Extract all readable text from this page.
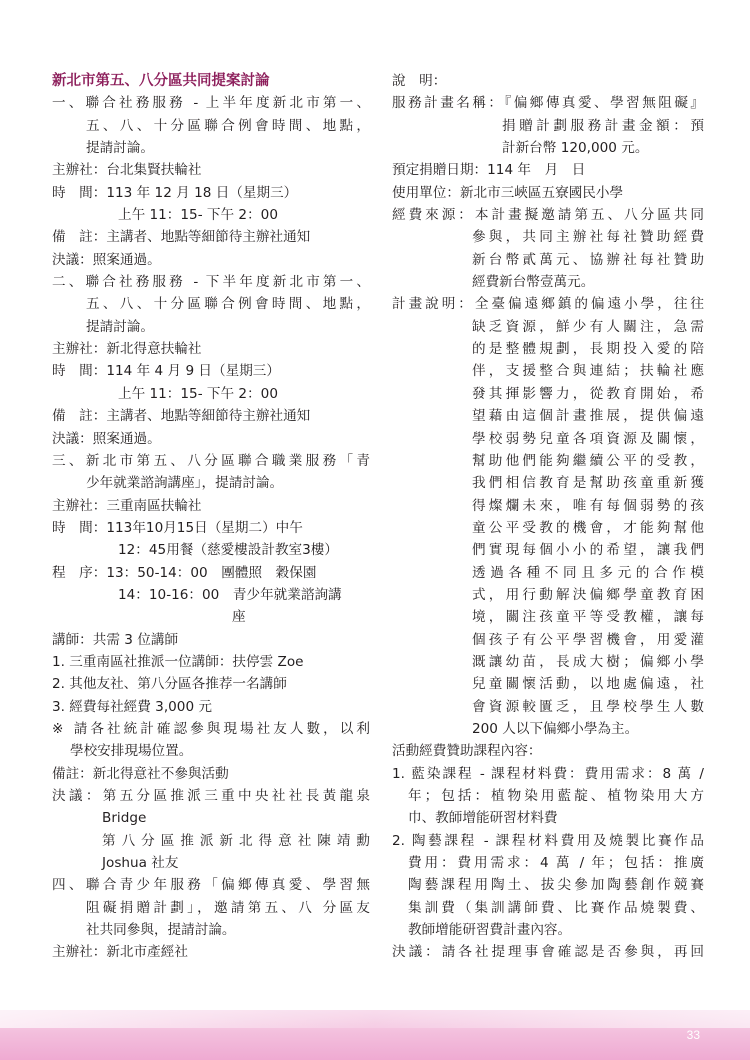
新北市第五、八分區共同提案討論
一、聯合社務服務 - 上半年度新北市第一、
五、八、十分區聯合例會時間、地點，
提請討論。
主辦社：台北集賢扶輪社
時　間：113 年 12 月 18 日（星期三）
上午 11：15- 下午 2：00
備　註：主講者、地點等細節待主辦社通知
決議：照案通過。
二、聯合社務服務 - 下半年度新北市第一、
五、八、十分區聯合例會時間、地點，
提請討論。
主辦社：新北得意扶輪社
時　間：114 年 4 月 9 日（星期三）
上午 11：15- 下午 2：00
備　註：主講者、地點等細節待主辦社通知
決議：照案通過。
三、新北市第五、八分區聯合職業服務「青
少年就業諮詢講座」，提請討論。
主辦社：三重南區扶輪社
時　間：113年10月15日（星期二）中午
12：45用餐（慈愛樓設計教室3樓）
程　序：13：50-14：00　團體照　穀保園
14：10-16：00　青少年就業諮詢講
座
講師：共需 3 位講師
1. 三重南區社推派一位講師：扶停雲 Zoe
2. 其他友社、第八分區各推荐一名講師
3. 經費每社經費 3,000 元
※ 請各社統計確認參與現場社友人數，以利
學校安排現場位置。
備註：新北得意社不參與活動
決議：第五分區推派三重中央社社長黃龍泉
Bridge
第八分區推派新北得意社陳靖勳
Joshua 社友
四、聯合青少年服務「偏鄉傳真愛、學習無
阻礙捐贈計劃」，邀請第五、八 分區友
社共同參與，提請討論。
主辦社：新北市產經社
說　明：
服務計畫名稱：『偏鄉傳真愛、學習無阻礙』
捐贈計劃服務計畫金額：預
計新台幣 120,000 元。
預定捐贈日期：114 年　月　日
使用單位：新北市三峽區五寮國民小學
經費來源：本計畫擬邀請第五、八分區共同
參與，共同主辦社每社贊助經費
新台幣貳萬元、協辦社每社贊助
經費新台幣壹萬元。
計畫說明：全臺偏遠鄉鎮的偏遠小學，往往
缺乏資源，鮮少有人關注，急需
的是整體規劃，長期投入愛的陪
伴，支援整合與連結；扶輪社應
發其揮影響力，從教育開始，希
望藉由這個計畫推展，提供偏遠
學校弱勢兒童各項資源及關懷，
幫助他們能夠繼續公平的受教，
我們相信教育是幫助孩童重新獲
得燦爛未來，唯有每個弱勢的孩
童公平受教的機會，才能夠幫他
們實現每個小小的希望，讓我們
透過各種不同且多元的合作模
式，用行動解決偏鄉學童教育困
境，關注孩童平等受教權，讓每
個孩子有公平學習機會，用愛灌
溉讓幼苗，長成大樹；偏鄉小學
兒童關懷活動，以地處偏遠，社
會資源較匱乏，且學校學生人數
200 人以下偏鄉小學為主。
活動經費贊助課程內容：
1. 藍染課程 - 課程材料費：費用需求：8 萬 /
年；包括：植物染用藍靛、植物染用大方
巾、教師增能研習材料費
2. 陶藝課程 - 課程材料費用及燒製比賽作品
費用：費用需求：4 萬 / 年；包括：推廣
陶藝課程用陶土、拔尖參加陶藝創作競賽
集訓費（集訓講師費、比賽作品燒製費、
教師增能研習費計畫內容。
決議：請各社提理事會確認是否參與，再回
33
